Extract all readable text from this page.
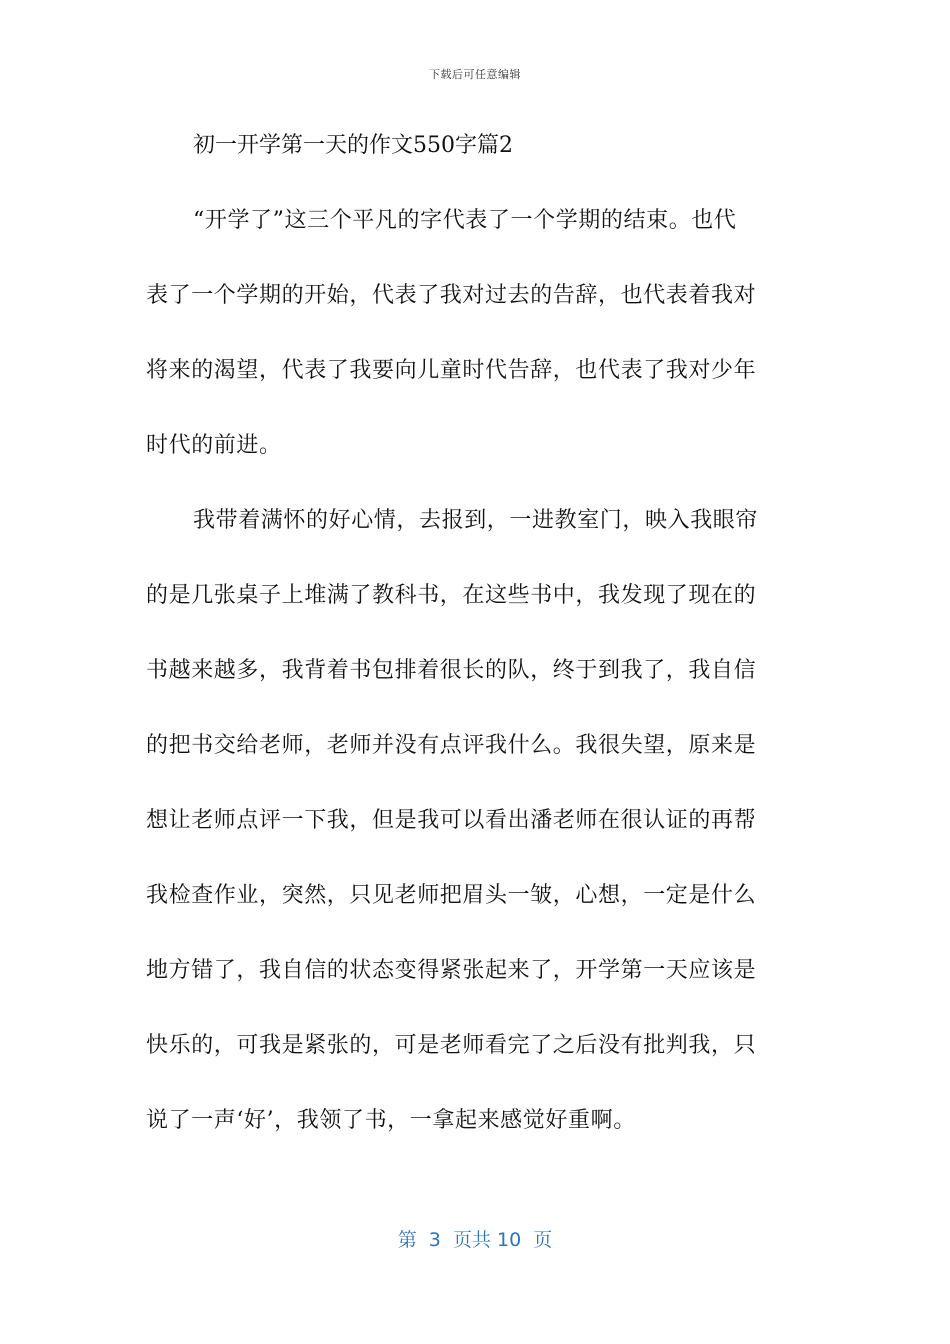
下载后可任意编辑
初一开学第一天的作文550字篇2
“开学了”这三个平凡的字代表了一个学期的结束。也代
表了一个学期的开始，代表了我对过去的告辞，也代表着我对
将来的渴望，代表了我要向儿童时代告辞，也代表了我对少年
时代的前进。
我带着满怀的好心情，去报到，一进教室门，映入我眼帘
的是几张桌子上堆满了教科书，在这些书中，我发现了现在的
书越来越多，我背着书包排着很长的队，终于到我了，我自信
的把书交给老师，老师并没有点评我什么。我很失望，原来是
想让老师点评一下我，但是我可以看出潘老师在很认证的再帮
我检查作业，突然，只见老师把眉头一皱，心想，一定是什么
地方错了，我自信的状态变得紧张起来了，开学第一天应该是
快乐的，可我是紧张的，可是老师看完了之后没有批判我，只
说了一声‘好’，我领了书，一拿起来感觉好重啊。
第  3  页共 10  页
